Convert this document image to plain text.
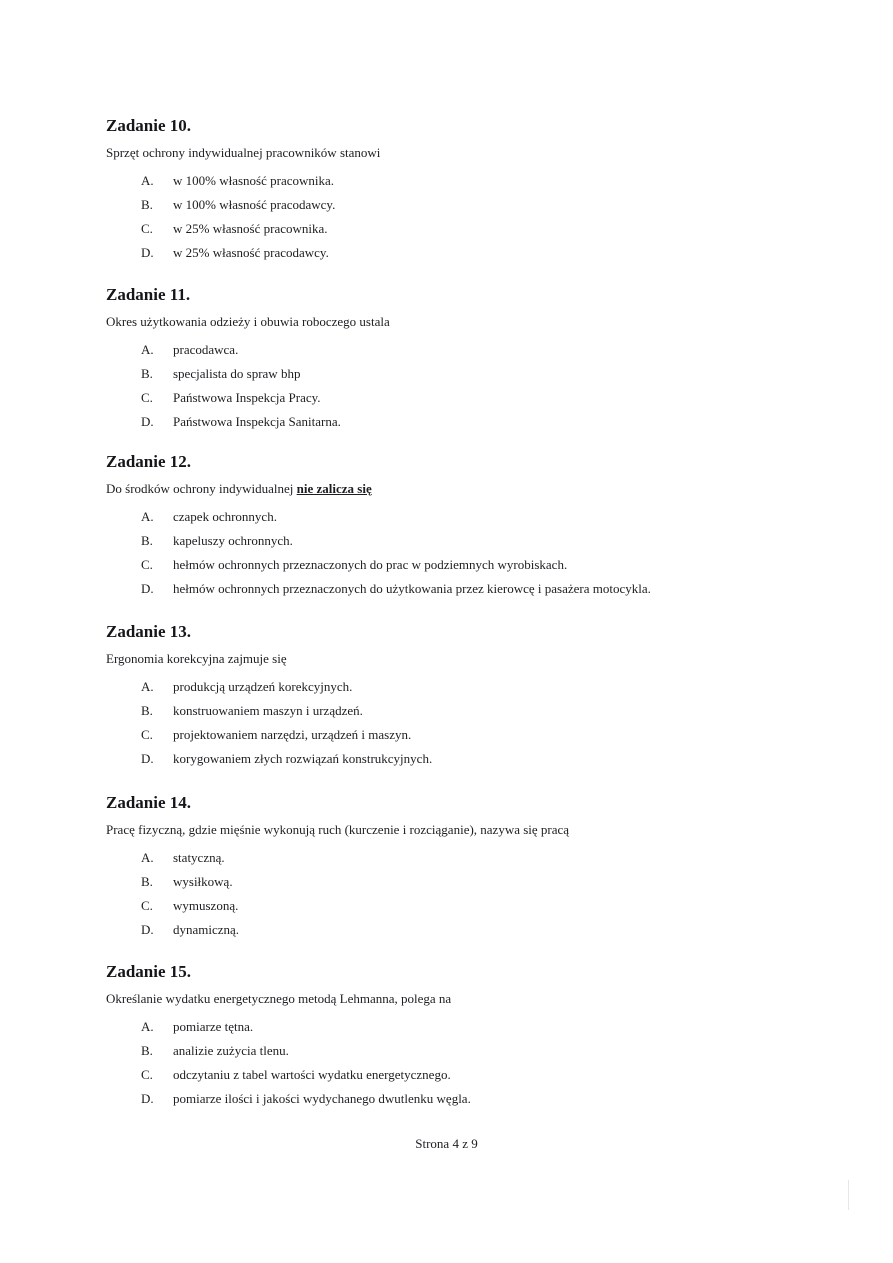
Zadanie 10.
Sprzęt ochrony indywidualnej pracowników stanowi
A. w 100% własność pracownika.
B. w 100% własność pracodawcy.
C. w 25% własność pracownika.
D. w 25% własność pracodawcy.
Zadanie 11.
Okres użytkowania odzieży i obuwia roboczego ustala
A. pracodawca.
B. specjalista do spraw bhp
C. Państwowa Inspekcja Pracy.
D. Państwowa Inspekcja Sanitarna.
Zadanie 12.
Do środków ochrony indywidualnej nie zalicza się
A. czapek ochronnych.
B. kapeluszy ochronnych.
C. hełmów ochronnych przeznaczonych do prac w podziemnych wyrobiskach.
D. hełmów ochronnych przeznaczonych do użytkowania przez kierowcę i pasażera motocykla.
Zadanie 13.
Ergonomia korekcyjna zajmuje się
A. produkcją urządzeń korekcyjnych.
B. konstruowaniem maszyn i urządzeń.
C. projektowaniem narzędzi, urządzeń i maszyn.
D. korygowaniem złych rozwiązań konstrukcyjnych.
Zadanie 14.
Pracę fizyczną, gdzie mięśnie wykonują ruch (kurczenie i rozciąganie), nazywa się pracą
A. statyczną.
B. wysiłkową.
C. wymuszoną.
D. dynamiczną.
Zadanie 15.
Określanie wydatku energetycznego metodą Lehmanna, polega na
A. pomiarze tętna.
B. analizie zużycia tlenu.
C. odczytaniu z tabel wartości wydatku energetycznego.
D. pomiarze ilości i jakości wydychanego dwutlenku węgla.
Strona 4 z 9
